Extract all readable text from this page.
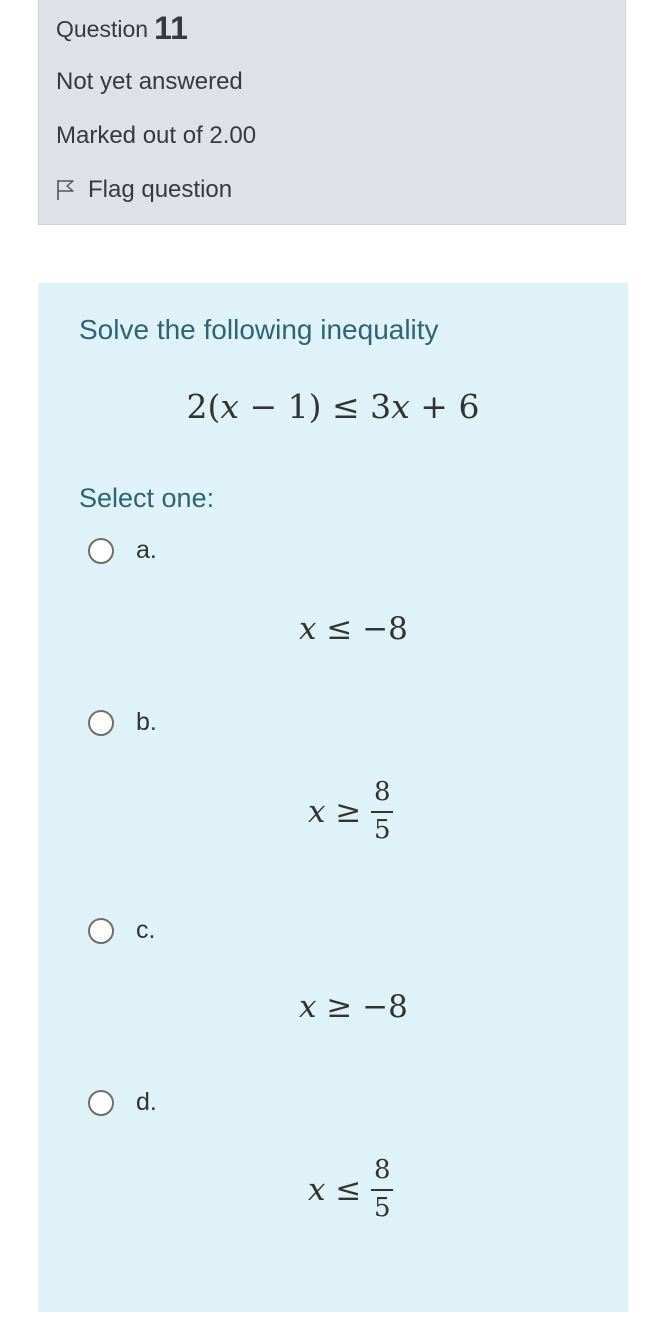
Question 11
Not yet answered
Marked out of 2.00
Flag question
Solve the following inequality
2(x − 1) ≤ 3x + 6
Select one:
a.
x ≤ −8
b.
x
≥ $\frac{8}{5}$
c.
x ≥ −8
d.
x
≤ $\frac{8}{5}$
